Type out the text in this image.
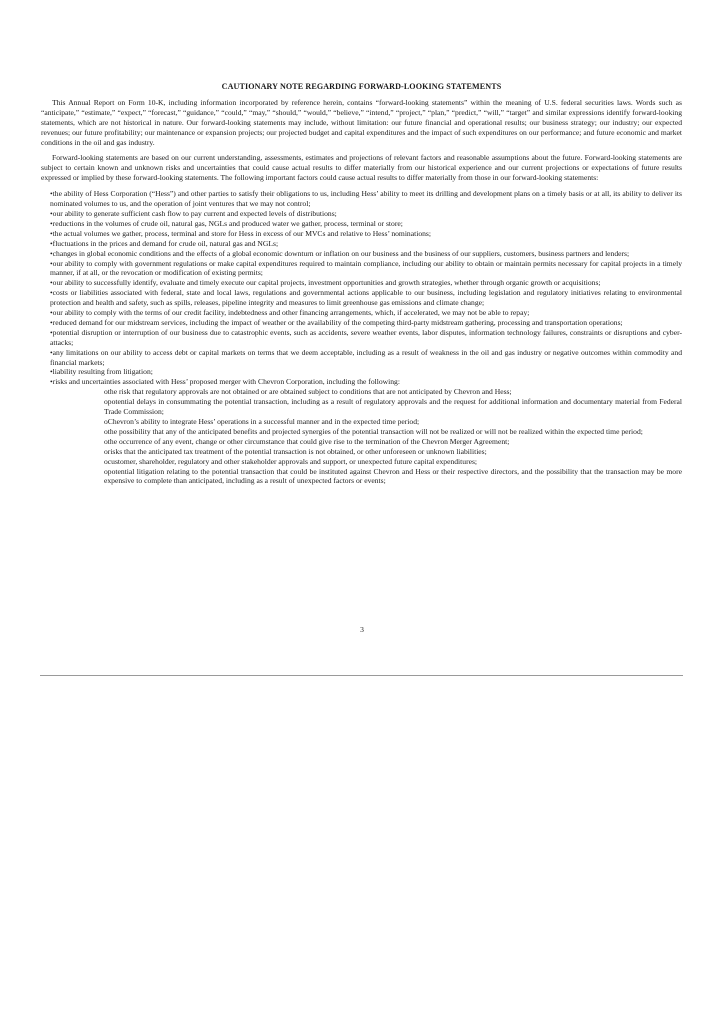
CAUTIONARY NOTE REGARDING FORWARD-LOOKING STATEMENTS

This Annual Report on Form 10-K, including information incorporated by reference herein, contains “forward-looking statements” within the meaning of U.S. federal securities laws. Words such as “anticipate,” “estimate,” “expect,” “forecast,” “guidance,” “could,” “may,” “should,” “would,” “believe,” “intend,” “project,” “plan,” “predict,” “will,” “target” and similar expressions identify forward-looking statements, which are not historical in nature. Our forward-looking statements may include, without limitation: our future financial and operational results; our business strategy; our industry; our expected revenues; our future profitability; our maintenance or expansion projects; our projected budget and capital expenditures and the impact of such expenditures on our performance; and future economic and market conditions in the oil and gas industry.

Forward-looking statements are based on our current understanding, assessments, estimates and projections of relevant factors and reasonable assumptions about the future. Forward-looking statements are subject to certain known and unknown risks and uncertainties that could cause actual results to differ materially from our historical experience and our current projections or expectations of future results expressed or implied by these forward-looking statements. The following important factors could cause actual results to differ materially from those in our forward-looking statements:

•the ability of Hess Corporation (“Hess”) and other parties to satisfy their obligations to us, including Hess’ ability to meet its drilling and development plans on a timely basis or at all, its ability to deliver its nominated volumes to us, and the operation of joint ventures that we may not control;
•our ability to generate sufficient cash flow to pay current and expected levels of distributions;
•reductions in the volumes of crude oil, natural gas, NGLs and produced water we gather, process, terminal or store;
•the actual volumes we gather, process, terminal and store for Hess in excess of our MVCs and relative to Hess’ nominations;
•fluctuations in the prices and demand for crude oil, natural gas and NGLs;
•changes in global economic conditions and the effects of a global economic downturn or inflation on our business and the business of our suppliers, customers, business partners and lenders;
•our ability to comply with government regulations or make capital expenditures required to maintain compliance, including our ability to obtain or maintain permits necessary for capital projects in a timely manner, if at all, or the revocation or modification of existing permits;
•our ability to successfully identify, evaluate and timely execute our capital projects, investment opportunities and growth strategies, whether through organic growth or acquisitions;
•costs or liabilities associated with federal, state and local laws, regulations and governmental actions applicable to our business, including legislation and regulatory initiatives relating to environmental protection and health and safety, such as spills, releases, pipeline integrity and measures to limit greenhouse gas emissions and climate change;
•our ability to comply with the terms of our credit facility, indebtedness and other financing arrangements, which, if accelerated, we may not be able to repay;
•reduced demand for our midstream services, including the impact of weather or the availability of the competing third-party midstream gathering, processing and transportation operations;
•potential disruption or interruption of our business due to catastrophic events, such as accidents, severe weather events, labor disputes, information technology failures, constraints or disruptions and cyber-attacks;
•any limitations on our ability to access debt or capital markets on terms that we deem acceptable, including as a result of weakness in the oil and gas industry or negative outcomes within commodity and financial markets;
•liability resulting from litigation;
•risks and uncertainties associated with Hess’ proposed merger with Chevron Corporation, including the following:
othe risk that regulatory approvals are not obtained or are obtained subject to conditions that are not anticipated by Chevron and Hess;
opotential delays in consummating the potential transaction, including as a result of regulatory approvals and the request for additional information and documentary material from Federal Trade Commission;
oChevron’s ability to integrate Hess’ operations in a successful manner and in the expected time period;
othe possibility that any of the anticipated benefits and projected synergies of the potential transaction will not be realized or will not be realized within the expected time period;
othe occurrence of any event, change or other circumstance that could give rise to the termination of the Chevron Merger Agreement;
orisks that the anticipated tax treatment of the potential transaction is not obtained, or other unforeseen or unknown liabilities;
ocustomer, shareholder, regulatory and other stakeholder approvals and support, or unexpected future capital expenditures;
opotential litigation relating to the potential transaction that could be instituted against Chevron and Hess or their respective directors, and the possibility that the transaction may be more expensive to complete than anticipated, including as a result of unexpected factors or events;
3
